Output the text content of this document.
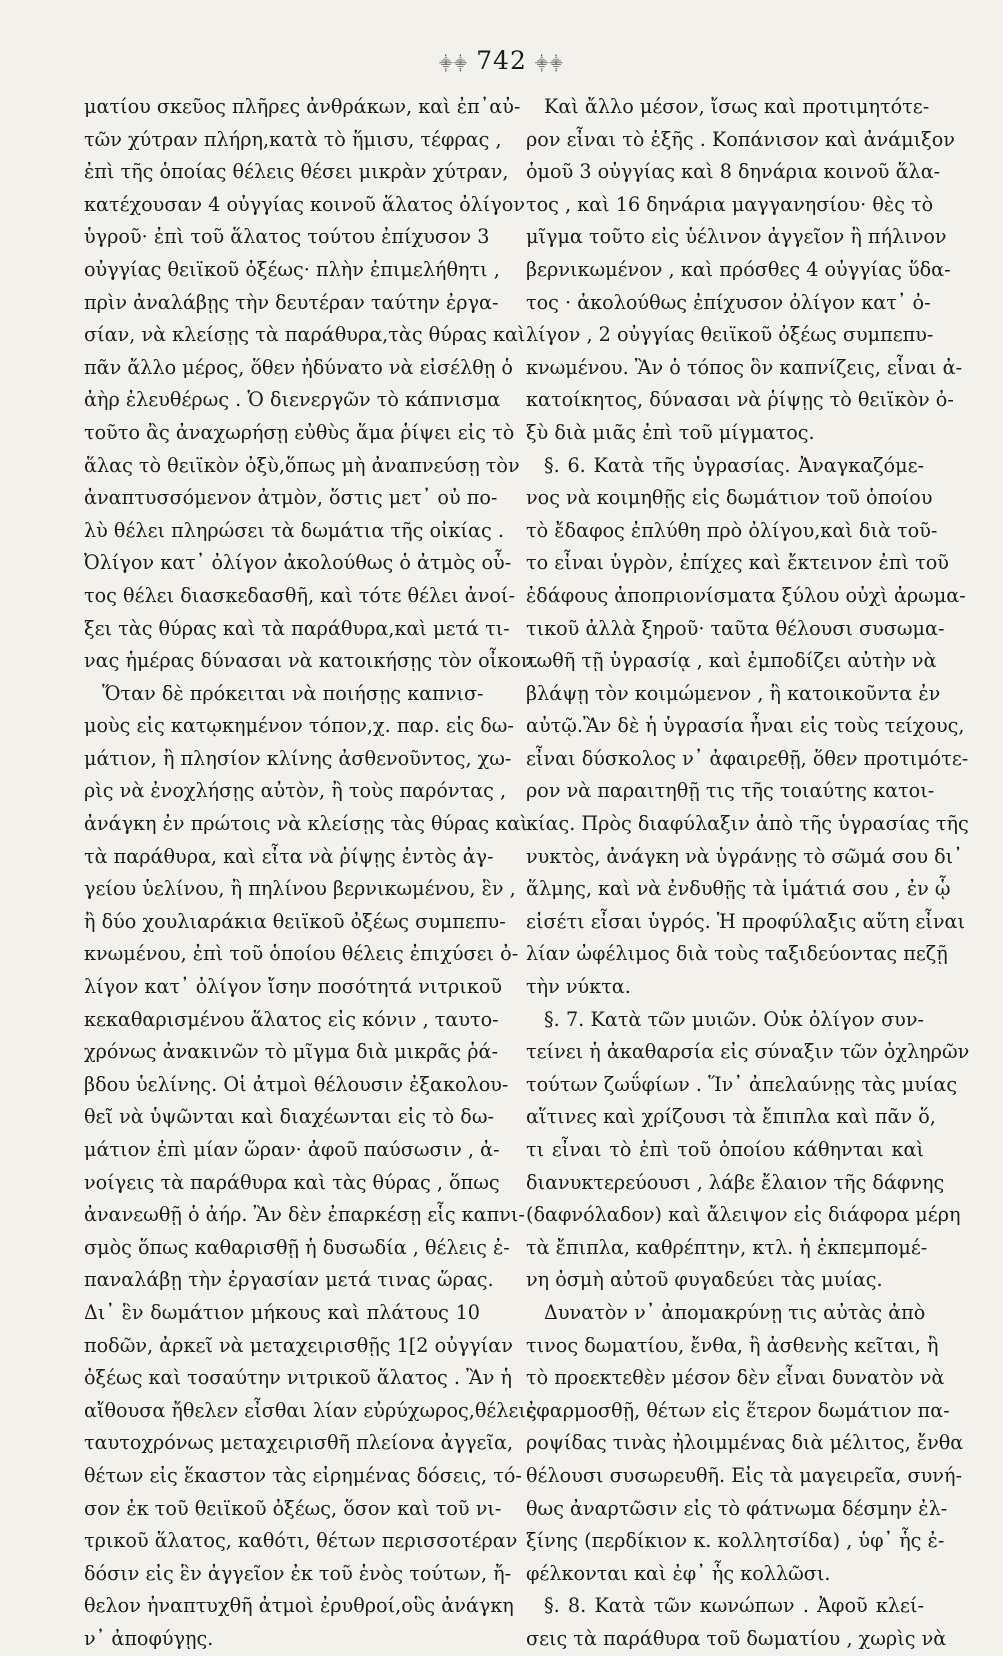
⸎⸎ 742 ⸎⸎
ματίου σκεῦος πλῆρες ἀνθράκων, καὶ ἐπ᾽αὐ-
τῶν χύτραν πλήρη,κατὰ τὸ ἥμισυ, τέφρας ,
ἐπὶ τῆς ὁποίας θέλεις θέσει μικρὰν χύτραν,
κατέχουσαν 4 οὐγγίας κοινοῦ ἅλατος ὀλίγον
ὑγροῦ· ἐπὶ τοῦ ἅλατος τούτου ἐπίχυσον 3
οὐγγίας θειϊκοῦ ὀξέως· πλὴν ἐπιμελήθητι ,
πρὶν ἀναλάβῃς τὴν δευτέραν ταύτην ἐργα-
σίαν, νὰ κλείσῃς τὰ παράθυρα,τὰς θύρας καὶ
πᾶν ἄλλο μέρος, ὅθεν ἠδύνατο νὰ εἰσέλθῃ ὁ
ἀὴρ ἐλευθέρως . Ὁ διενεργῶν τὸ κάπνισμα
τοῦτο ἂς ἀναχωρήσῃ εὐθὺς ἅμα ῥίψει εἰς τὸ
ἅλας τὸ θειϊκὸν ὀξὺ,ὅπως μὴ ἀναπνεύσῃ τὸν
ἀναπτυσσόμενον ἀτμὸν, ὅστις μετ᾽ οὐ πο-
λὺ θέλει πληρώσει τὰ δωμάτια τῆς οἰκίας .
Ὀλίγον κατ᾽ ὀλίγον ἀκολούθως ὁ ἀτμὸς οὗ-
τος θέλει διασκεδασθῆ, καὶ τότε θέλει ἀνοί-
ξει τὰς θύρας καὶ τὰ παράθυρα,καὶ μετά τι-
νας ἡμέρας δύνασαι νὰ κατοικήσῃς τὸν οἶκον.
Ὅταν δὲ πρόκειται νὰ ποιήσῃς καπνισ-
μοὺς εἰς κατῳκημένον τόπον,χ. παρ. εἰς δω-
μάτιον, ἢ πλησίον κλίνης ἀσθενοῦντος, χω-
ρὶς νὰ ἐνοχλήσῃς αὐτὸν, ἢ τοὺς παρόντας ,
ἀνάγκη ἐν πρώτοις νὰ κλείσῃς τὰς θύρας καὶ
τὰ παράθυρα, καὶ εἶτα νὰ ῥίψῃς ἐντὸς ἀγ-
γείου ὑελίνου, ἢ πηλίνου βερνικωμένου, ἓν ,
ἢ δύο χουλιαράκια θειϊκοῦ ὀξέως συμπεπυ-
κνωμένου, ἐπὶ τοῦ ὁποίου θέλεις ἐπιχύσει ὀ-
λίγον κατ᾽ ὀλίγον ἴσην ποσότητά νιτρικοῦ
κεκαθαρισμένου ἅλατος εἰς κόνιν , ταυτο-
χρόνως ἀνακινῶν τὸ μῖγμα διὰ μικρᾶς ῥά-
βδου ὑελίνης. Οἱ ἀτμοὶ θέλουσιν ἐξακολου-
θεῖ νὰ ὑψῶνται καὶ διαχέωνται εἰς τὸ δω-
μάτιον ἐπὶ μίαν ὥραν· ἀφοῦ παύσωσιν , ἀ-
νοίγεις τὰ παράθυρα καὶ τὰς θύρας , ὅπως
ἀνανεωθῇ ὁ ἀήρ. Ἂν δὲν ἐπαρκέσῃ εἷς καπνι-
σμὸς ὅπως καθαρισθῇ ἡ δυσωδία , θέλεις ἐ-
παναλάβῃ τὴν ἐργασίαν μετά τινας ὥρας.
Δι᾽ ἓν δωμάτιον μήκους καὶ πλάτους 10
ποδῶν, ἀρκεῖ νὰ μεταχειρισθῇς 1[2 οὐγγίαν
ὀξέως καὶ τοσαύτην νιτρικοῦ ἅλατος . Ἂν ἡ
αἴθουσα ἤθελεν εἶσθαι λίαν εὐρύχωρος,θέλεις
ταυτοχρόνως μεταχειρισθῆ πλείονα ἀγγεῖα,
θέτων εἰς ἕκαστον τὰς εἰρημένας δόσεις, τό-
σον ἐκ τοῦ θειϊκοῦ ὀξέως, ὅσον καὶ τοῦ νι-
τρικοῦ ἅλατος, καθότι, θέτων περισσοτέραν
δόσιν εἰς ἓν ἀγγεῖον ἐκ τοῦ ἑνὸς τούτων, ἤ-
θελον ἠναπτυχθῆ ἀτμοὶ ἐρυθροί,οὓς ἀνάγκη
ν᾽ ἀποφύγῃς.
Καὶ ἄλλο μέσον, ἴσως καὶ προτιμητότε-
ρον εἶναι τὸ ἑξῆς . Κοπάνισον καὶ ἀνάμιξον
ὁμοῦ 3 οὐγγίας καὶ 8 δηνάρια κοινοῦ ἅλα-
τος , καὶ 16 δηνάρια μαγγανησίου· θὲς τὸ
μῖγμα τοῦτο εἰς ὑέλινον ἀγγεῖον ἢ πήλινον
βερνικωμένον , καὶ πρόσθες 4 οὐγγίας ὕδα-
τος · ἀκολούθως ἐπίχυσον ὀλίγον κατ᾽ ὀ-
λίγον , 2 οὐγγίας θειϊκοῦ ὀξέως συμπεπυ-
κνωμένου. Ἂν ὁ τόπος ὃν καπνίζεις, εἶναι ἀ-
κατοίκητος, δύνασαι νὰ ῥίψῃς τὸ θειϊκὸν ὀ-
ξὺ διὰ μιᾶς ἐπὶ τοῦ μίγματος.
§. 6. Κατὰ τῆς ὑγρασίας. Ἀναγκαζόμε-
νος νὰ κοιμηθῇς εἰς δωμάτιον τοῦ ὁποίου
τὸ ἔδαφος ἐπλύθη πρὸ ὀλίγου,καὶ διὰ τοῦ-
το εἶναι ὑγρὸν, ἐπίχες καὶ ἔκτεινον ἐπὶ τοῦ
ἐδάφους ἀποπριονίσματα ξύλου οὐχὶ ἀρωμα-
τικοῦ ἀλλὰ ξηροῦ· ταῦτα θέλουσι συσωμα-
τωθῆ τῇ ὑγρασίᾳ , καὶ ἐμποδίζει αὐτὴν νὰ
βλάψῃ τὸν κοιμώμενον , ἢ κατοικοῦντα ἐν
αὐτῷ.Ἂν δὲ ἡ ὑγρασία ἦναι εἰς τοὺς τείχους,
εἶναι δύσκολος ν᾽ ἀφαιρεθῇ, ὅθεν προτιμότε-
ρον νὰ παραιτηθῇ τις τῆς τοιαύτης κατοι-
κίας. Πρὸς διαφύλαξιν ἀπὸ τῆς ὑγρασίας τῆς
νυκτὸς, ἀνάγκη νὰ ὑγράνῃς τὸ σῶμά σου δι᾽
ἅλμης, καὶ νὰ ἐνδυθῇς τὰ ἱμάτιά σου , ἐν ᾧ
εἰσέτι εἶσαι ὑγρός. Ἡ προφύλαξις αὕτη εἶναι
λίαν ὠφέλιμος διὰ τοὺς ταξιδεύοντας πεζῇ
τὴν νύκτα.
§. 7. Κατὰ τῶν μυιῶν. Οὐκ ὀλίγον συν-
τείνει ἡ ἀκαθαρσία εἰς σύναξιν τῶν ὀχληρῶν
τούτων ζωΰφίων . Ἵν᾽ ἀπελαύνῃς τὰς μυίας
αἵτινες καὶ χρίζουσι τὰ ἔπιπλα καὶ πᾶν ὅ,
τι εἶναι τὸ ἐπὶ τοῦ ὁποίου κάθηνται καὶ
διανυκτερεύουσι , λάβε ἔλαιον τῆς δάφνης
(δαφνόλαδον) καὶ ἄλειψον εἰς διάφορα μέρη
τὰ ἔπιπλα, καθρέπτην, κτλ. ἡ ἐκπεμπομέ-
νη ὀσμὴ αὐτοῦ φυγαδεύει τὰς μυίας.
Δυνατὸν ν᾽ ἀπομακρύνῃ τις αὐτὰς ἀπὸ
τινος δωματίου, ἔνθα, ἢ ἀσθενὴς κεῖται, ἢ
τὸ προεκτεθὲν μέσον δὲν εἶναι δυνατὸν νὰ
ἐφαρμοσθῇ, θέτων εἰς ἕτερον δωμάτιον πα-
ροψίδας τινὰς ἠλοιμμένας διὰ μέλιτος, ἔνθα
θέλουσι συσωρευθῆ. Εἰς τὰ μαγειρεῖα, συνή-
θως ἀναρτῶσιν εἰς τὸ φάτνωμα δέσμην ἐλ-
ξίνης (περδίκιον κ. κολλητσίδα) , ὑφ᾽ ἧς ἐ-
φέλκονται καὶ ἐφ᾽ ἧς κολλῶσι.
§. 8. Κατὰ τῶν κωνώπων . Ἀφοῦ κλεί-
σεις τὰ παράθυρα τοῦ δωματίου , χωρὶς νὰ
